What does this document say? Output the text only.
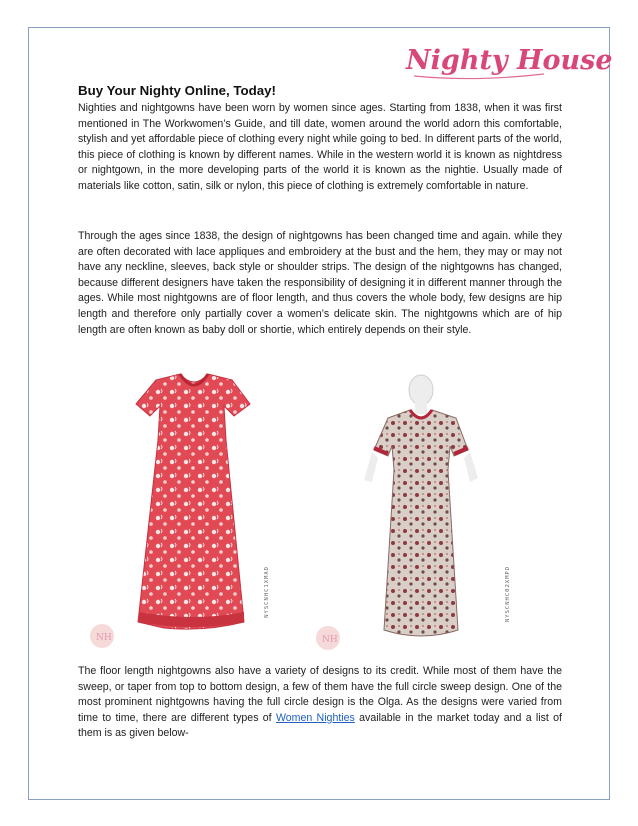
Nighty House
Buy Your Nighty Online, Today!

Nighties and nightgowns have been worn by women since ages. Starting from 1838, when it was first mentioned in The Workwomen’s Guide, and till date, women around the world adorn this comfortable, stylish and yet affordable piece of clothing every night while going to bed. In different parts of the world, this piece of clothing is known by different names. While in the western world it is known as nightdress or nightgown, in the more developing parts of the world it is known as the nightie. Usually made of materials like cotton, satin, silk or nylon, this piece of clothing is extremely comfortable in nature.

Through the ages since 1838, the design of nightgowns has been changed time and again. while they are often decorated with lace appliques and embroidery at the bust and the hem, they may or may not have any neckline, sleeves, back style or shoulder strips. The design of the nightgowns has changed, because different designers have taken the responsibility of designing it in different manner through the ages. While most nightgowns are of floor length, and thus covers the whole body, few designs are hip length and therefore only partially cover a women’s delicate skin. The nightgowns which are of hip length are often known as baby doll or shortie, which entirely depends on their style.

NH
NYSCNHC1XMAD
NH
NYSCNHC02XMPD

The floor length nightgowns also have a variety of designs to its credit. While most of them have the sweep, or taper from top to bottom design, a few of them have the full circle sweep design. One of the most prominent nightgowns having the full circle design is the Olga. As the designs were varied from time to time, there are different types of Women Nighties available in the market today and a list of them is as given below-
